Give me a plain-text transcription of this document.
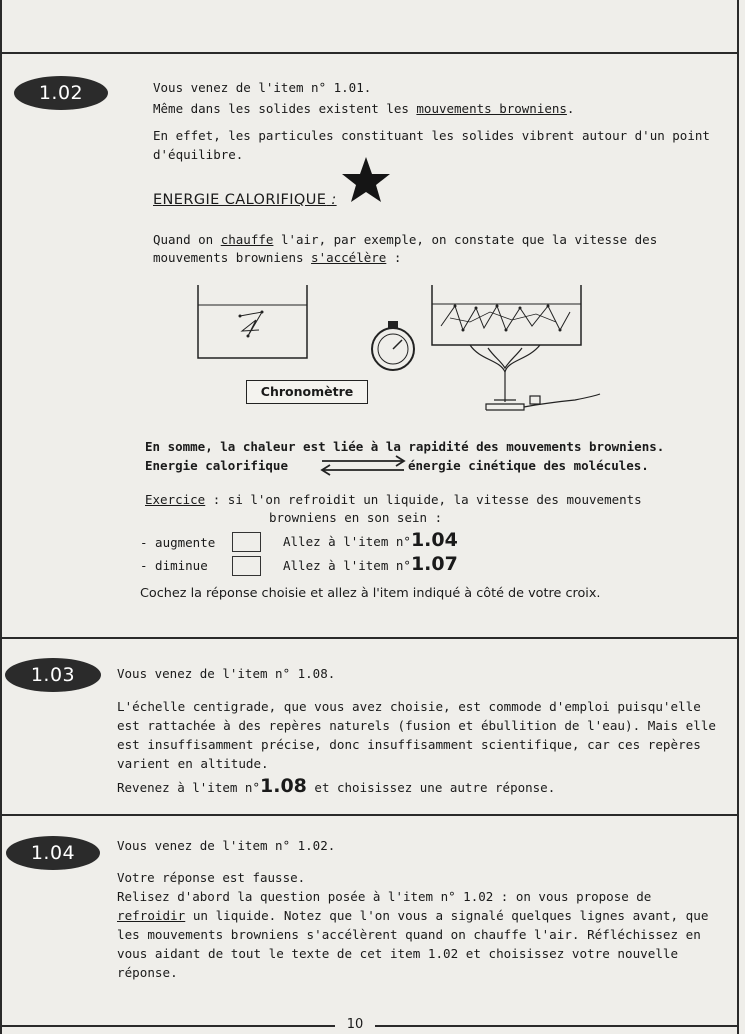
10
1.02	Vous venez de l'item n° 1.01.
Même dans les solides existent les mouvements browniens.
En effet, les particules constituant les solides vibrent autour d'un point d'équilibre.
ENERGIE CALORIFIQUE :
Quand on chauffe l'air, par exemple, on constate que la vitesse des
mouvements browniens s'accélère :
Chronomètre
En somme, la chaleur est liée à la rapidité des mouvements browniens.
Energie calorifique	énergie cinétique des molécules.
Exercice : si l'on refroidit un liquide, la vitesse des mouvements
browniens en son sein :
- augmente	Allez à l'item n°1.04
- diminue	Allez à l'item n°1.07
Cochez la réponse choisie et allez à l'item indiqué à côté de votre croix.
1.03	Vous venez de l'item n° 1.08.
L'échelle centigrade, que vous avez choisie, est commode d'emploi puisqu'elle est rattachée à des repères naturels (fusion et ébullition de l'eau). Mais elle est insuffisamment précise, donc insuffisamment scientifique, car ces repères varient en altitude.
Revenez à l'item n°1.08 et choisissez une autre réponse.
1.04	Vous venez de l'item n° 1.02.
Votre réponse est fausse.
Relisez d'abord la question posée à l'item n° 1.02 : on vous propose de
refroidir un liquide. Notez que l'on vous a signalé quelques lignes avant, que les mouvements browniens s'accélèrent quand on chauffe l'air. Réfléchissez en vous aidant de tout le texte de cet item 1.02 et choisissez votre nouvelle réponse.
